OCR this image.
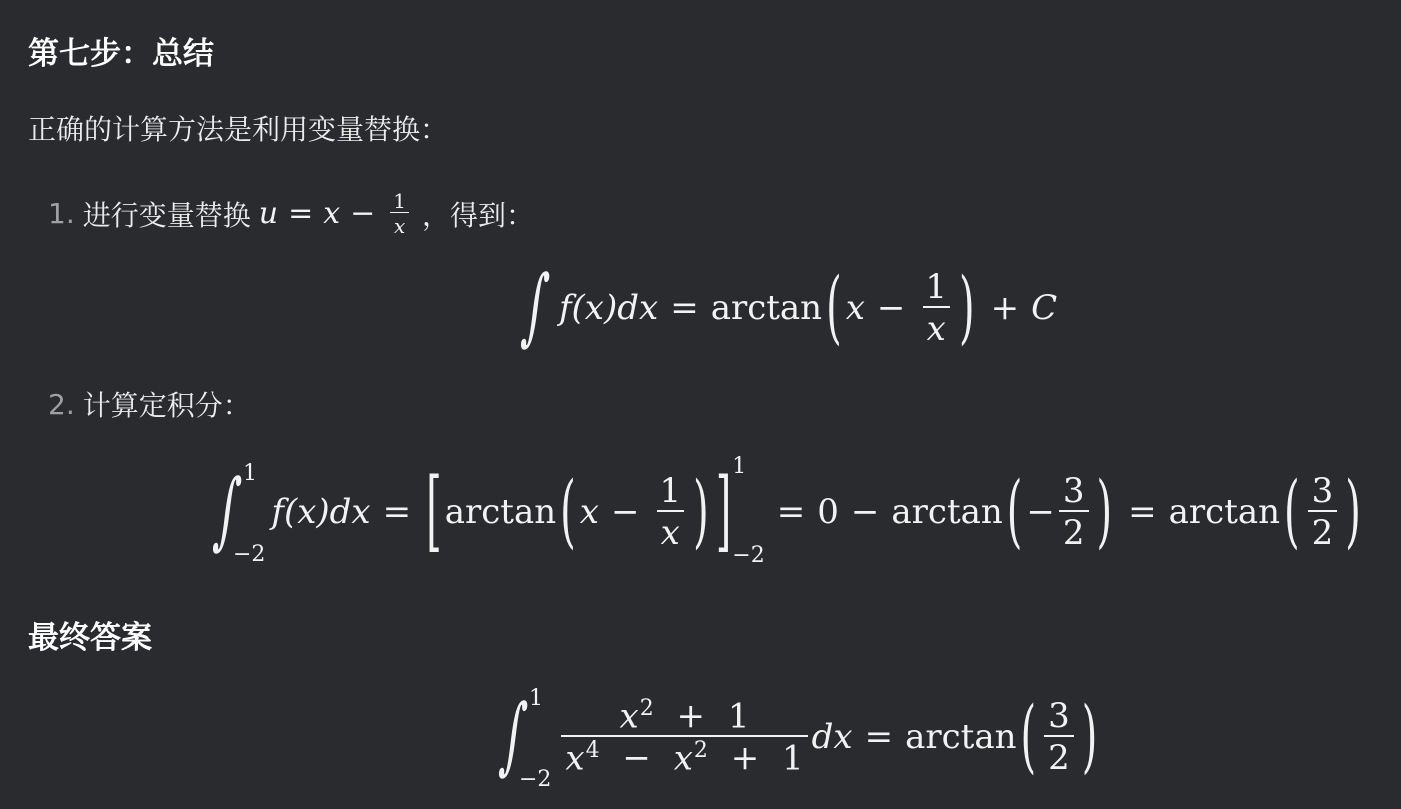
第七步：总结

正确的计算方法是利用变量替换：

1. 进行变量替换 $u = x - \frac{1}{x}$ ，得到：
∫ f(x) dx = arctan ( $x - \frac{1}{x}$ ) + C
2. 计算定积分：
∫
1
−2
f(x) dx = [ arctan ( $x - \frac{1}{x}$ ) ] 1
−2
= 0 − arctan ( − $\frac{3}{2}$ ) = arctan ( $\frac{3}{2}$ )
最终答案
∫
1
−2
$\frac{x^2 + 1}{x^4 - x^2 + 1}$ dx = arctan ( $\frac{3}{2}$ )
